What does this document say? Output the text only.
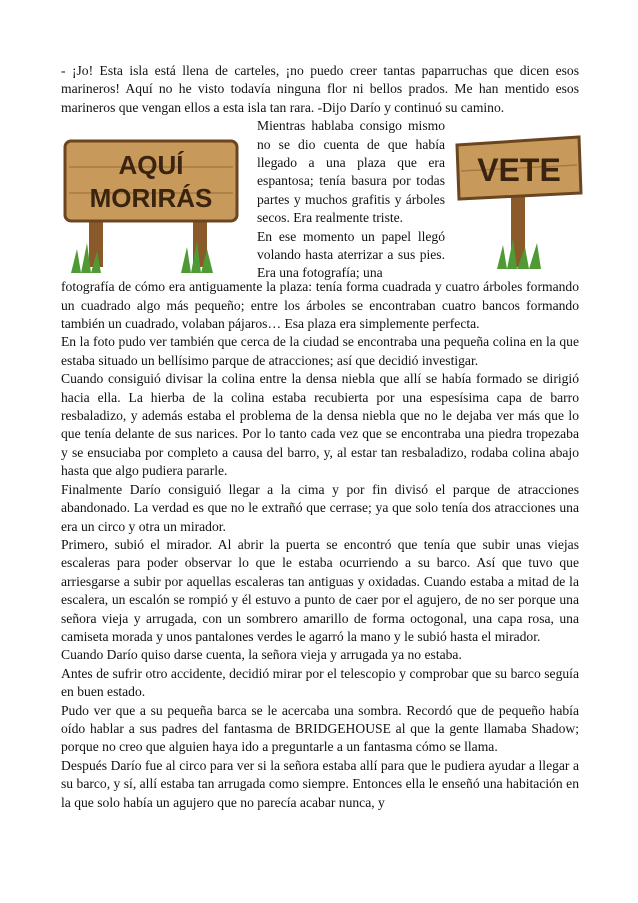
- ¡Jo! Esta isla está llena de carteles, ¡no puedo creer tantas paparruchas que dicen esos marineros! Aquí no he visto todavía ninguna flor ni bellos prados. Me han mentido esos marineros que vengan ellos a esta isla tan rara. -Dijo Darío y continuó su camino.

AQUÍ
MORIRÁS

Mientras hablaba consigo mismo no se dio cuenta de que había llegado a una plaza que era espantosa; tenía basura por todas partes y muchos grafitis y árboles secos. Era realmente triste.

En ese momento un papel llegó volando hasta aterrizar a sus pies. Era una fotografía; una

VETE

fotografía de cómo era antiguamente la plaza: tenía forma cuadrada y cuatro árboles formando un cuadrado algo más pequeño; entre los árboles se encontraban cuatro bancos formando también un cuadrado, volaban pájaros… Esa plaza era simplemente perfecta.

En la foto pudo ver también que cerca de la ciudad se encontraba una pequeña colina en la que estaba situado un bellísimo parque de atracciones; así que decidió investigar.

Cuando consiguió divisar la colina entre la densa niebla que allí se había formado se dirigió hacia ella. La hierba de la colina estaba recubierta por una espesísima capa de barro resbaladizo, y además estaba el problema de la densa niebla que no le dejaba ver más que lo que tenía delante de sus narices. Por lo tanto cada vez que se encontraba una piedra tropezaba y se ensuciaba por completo a causa del barro, y, al estar tan resbaladizo, rodaba colina abajo hasta que algo pudiera pararle.

Finalmente Darío consiguió llegar a la cima y por fin divisó el parque de atracciones abandonado. La verdad es que no le extrañó que cerrase; ya que solo tenía dos atracciones una era un circo y otra un mirador.

Primero, subió el mirador. Al abrir la puerta se encontró que tenía que subir unas viejas escaleras para poder observar lo que le estaba ocurriendo a su barco. Así que tuvo que arriesgarse a subir por aquellas escaleras tan antiguas y oxidadas. Cuando estaba a mitad de la escalera, un escalón se rompió y él estuvo a punto de caer por el agujero, de no ser porque una señora vieja y arrugada, con un sombrero amarillo de forma octogonal, una capa rosa, una camiseta morada y unos pantalones verdes le agarró la mano y le subió hasta el mirador.

Cuando Darío quiso darse cuenta, la señora vieja y arrugada ya no estaba.

Antes de sufrir otro accidente, decidió mirar por el telescopio y comprobar que su barco seguía en buen estado.

Pudo ver que a su pequeña barca se le acercaba una sombra. Recordó que de pequeño había oído hablar a sus padres del fantasma de BRIDGEHOUSE al que la gente llamaba Shadow; porque no creo que alguien haya ido a preguntarle a un fantasma cómo se llama.

Después Darío fue al circo para ver si la señora estaba allí para que le pudiera ayudar a llegar a su barco, y sí, allí estaba tan arrugada como siempre. Entonces ella le enseñó una habitación en la que solo había un agujero que no parecía acabar nunca, y
